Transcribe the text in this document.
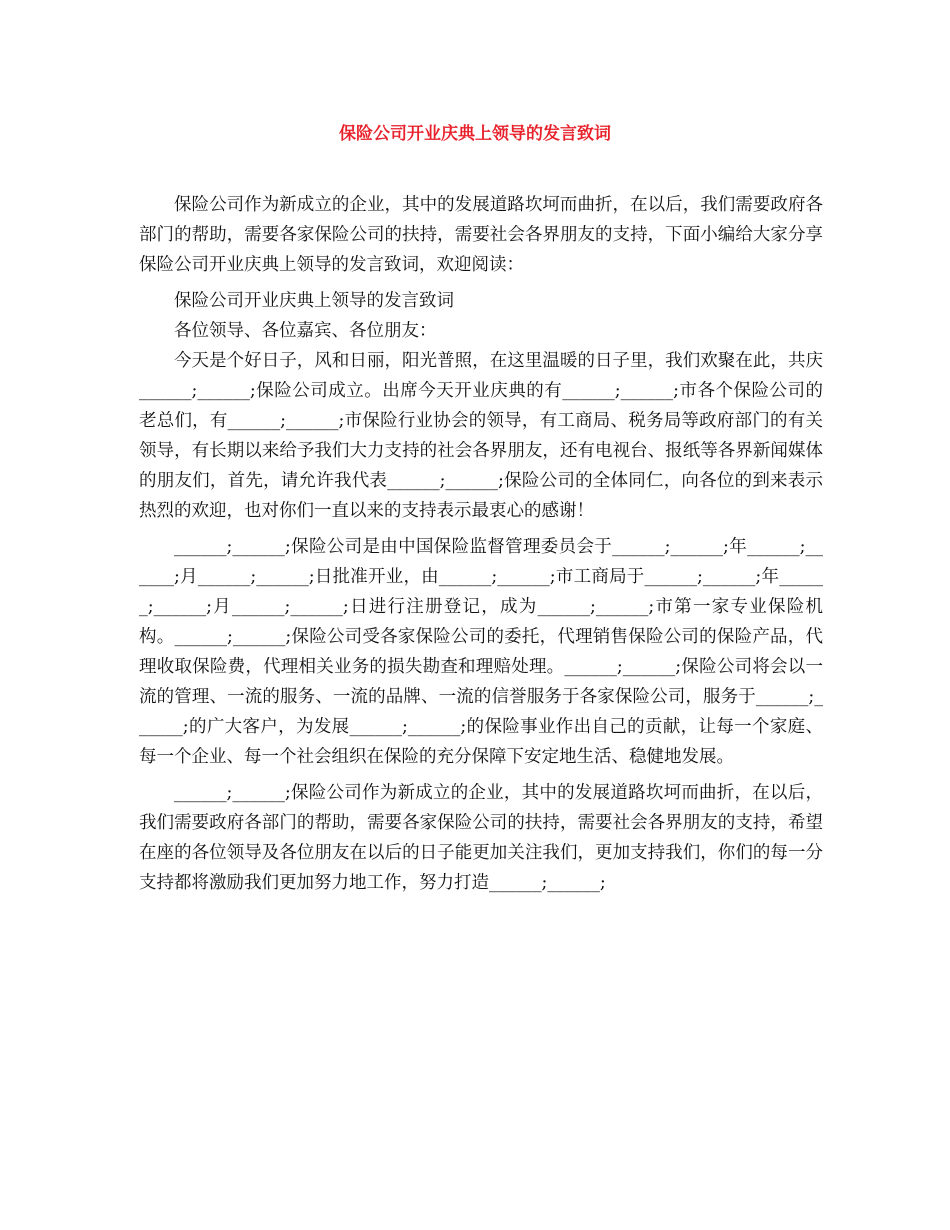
保险公司开业庆典上领导的发言致词

保险公司作为新成立的企业，其中的发展道路坎坷而曲折，在以后，我们需要政府各部门的帮助，需要各家保险公司的扶持，需要社会各界朋友的支持，下面小编给大家分享保险公司开业庆典上领导的发言致词，欢迎阅读：

保险公司开业庆典上领导的发言致词

各位领导、各位嘉宾、各位朋友：

今天是个好日子，风和日丽，阳光普照，在这里温暖的日子里，我们欢聚在此，共庆______;______;保险公司成立。出席今天开业庆典的有______;______;市各个保险公司的老总们，有______;______;市保险行业协会的领导，有工商局、税务局等政府部门的有关领导，有长期以来给予我们大力支持的社会各界朋友，还有电视台、报纸等各界新闻媒体的朋友们，首先，请允许我代表______;______;保险公司的全体同仁，向各位的到来表示热烈的欢迎，也对你们一直以来的支持表示最衷心的感谢！

______;______;保险公司是由中国保险监督管理委员会于______;______;年______;______;月______;______;日批准开业，由______;______;市工商局于______;______;年______;______;月______;______;日进行注册登记，成为______;______;市第一家专业保险机构。______;______;保险公司受各家保险公司的委托，代理销售保险公司的保险产品，代理收取保险费，代理相关业务的损失勘查和理赔处理。______;______;保险公司将会以一流的管理、一流的服务、一流的品牌、一流的信誉服务于各家保险公司，服务于______;______;的广大客户，为发展______;______;的保险事业作出自己的贡献，让每一个家庭、每一个企业、每一个社会组织在保险的充分保障下安定地生活、稳健地发展。

______;______;保险公司作为新成立的企业，其中的发展道路坎坷而曲折，在以后，我们需要政府各部门的帮助，需要各家保险公司的扶持，需要社会各界朋友的支持，希望在座的各位领导及各位朋友在以后的日子能更加关注我们，更加支持我们，你们的每一分支持都将激励我们更加努力地工作，努力打造______;______;
